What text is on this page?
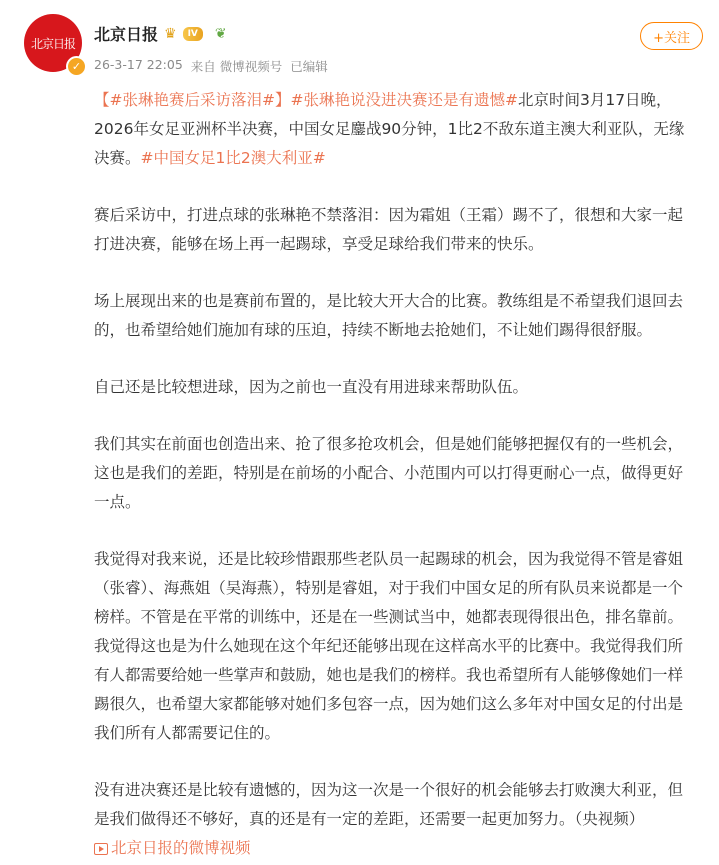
北京日报
✓
北京日报 ♛	IV	❦
26-3-17 22:05 来自 微博视频号 已编辑
+关注

【#张琳艳赛后采访落泪#】#张琳艳说没进决赛还是有遗憾#北京时间3月17日晚，2026年女足亚洲杯半决赛，中国女足鏖战90分钟，1比2不敌东道主澳大利亚队，无缘决赛。#中国女足1比2澳大利亚#

赛后采访中，打进点球的张琳艳不禁落泪：因为霜姐（王霜）踢不了，很想和大家一起打进决赛，能够在场上再一起踢球，享受足球给我们带来的快乐。

场上展现出来的也是赛前布置的，是比较大开大合的比赛。教练组是不希望我们退回去的，也希望给她们施加有球的压迫，持续不断地去抢她们，不让她们踢得很舒服。

自己还是比较想进球，因为之前也一直没有用进球来帮助队伍。

我们其实在前面也创造出来、抢了很多抢攻机会，但是她们能够把握仅有的一些机会，这也是我们的差距，特别是在前场的小配合、小范围内可以打得更耐心一点，做得更好一点。

我觉得对我来说，还是比较珍惜跟那些老队员一起踢球的机会，因为我觉得不管是睿姐（张睿）、海燕姐（吴海燕），特别是睿姐，对于我们中国女足的所有队员来说都是一个榜样。不管是在平常的训练中，还是在一些测试当中，她都表现得很出色，排名靠前。我觉得这也是为什么她现在这个年纪还能够出现在这样高水平的比赛中。我觉得我们所有人都需要给她一些掌声和鼓励，她也是我们的榜样。我也希望所有人能够像她们一样踢很久，也希望大家都能够对她们多包容一点，因为她们这么多年对中国女足的付出是我们所有人都需要记住的。

没有进决赛还是比较有遗憾的，因为这一次是一个很好的机会能够去打败澳大利亚，但是我们做得还不够好，真的还是有一定的差距，还需要一起更加努力。（央视频）
北京日报的微博视频
